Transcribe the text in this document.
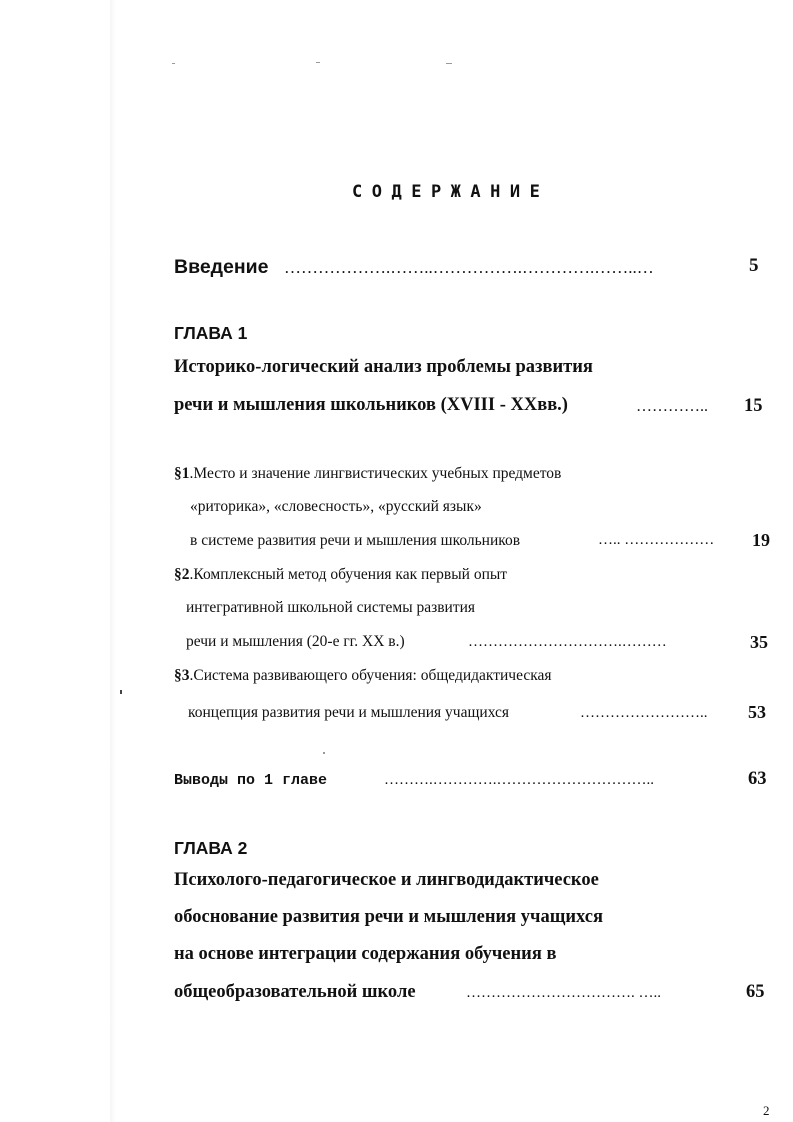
СОДЕРЖАНИЕ
Введение ……………….……..…………….………….……..…	5
ГЛАВА 1
Историко-логический анализ проблемы развития
речи и мышления школьников (XVIII - XXвв.)	………….. 15
§1.Место и значение лингвистических учебных предметов
«риторика», «словесность», «русский язык»
в системе развития речи и мышления школьников	….. ……………… 19
§2.Комплексный метод обучения как первый опыт
интегративной школьной системы развития
речи и мышления (20-е гг. XX в.)	………………………….………	35
§3.Система развивающего обучения: общедидактическая
концепция развития речи и мышления учащихся	…………………….. 53
Выводы по 1 главе	……….………….…………………………..	63
ГЛАВА 2
Психолого-педагогическое и лингводидактическое
обоснование развития речи и мышления учащихся
на основе интеграции содержания обучения в
общеобразовательной школе	……………………………. …..	65
2
